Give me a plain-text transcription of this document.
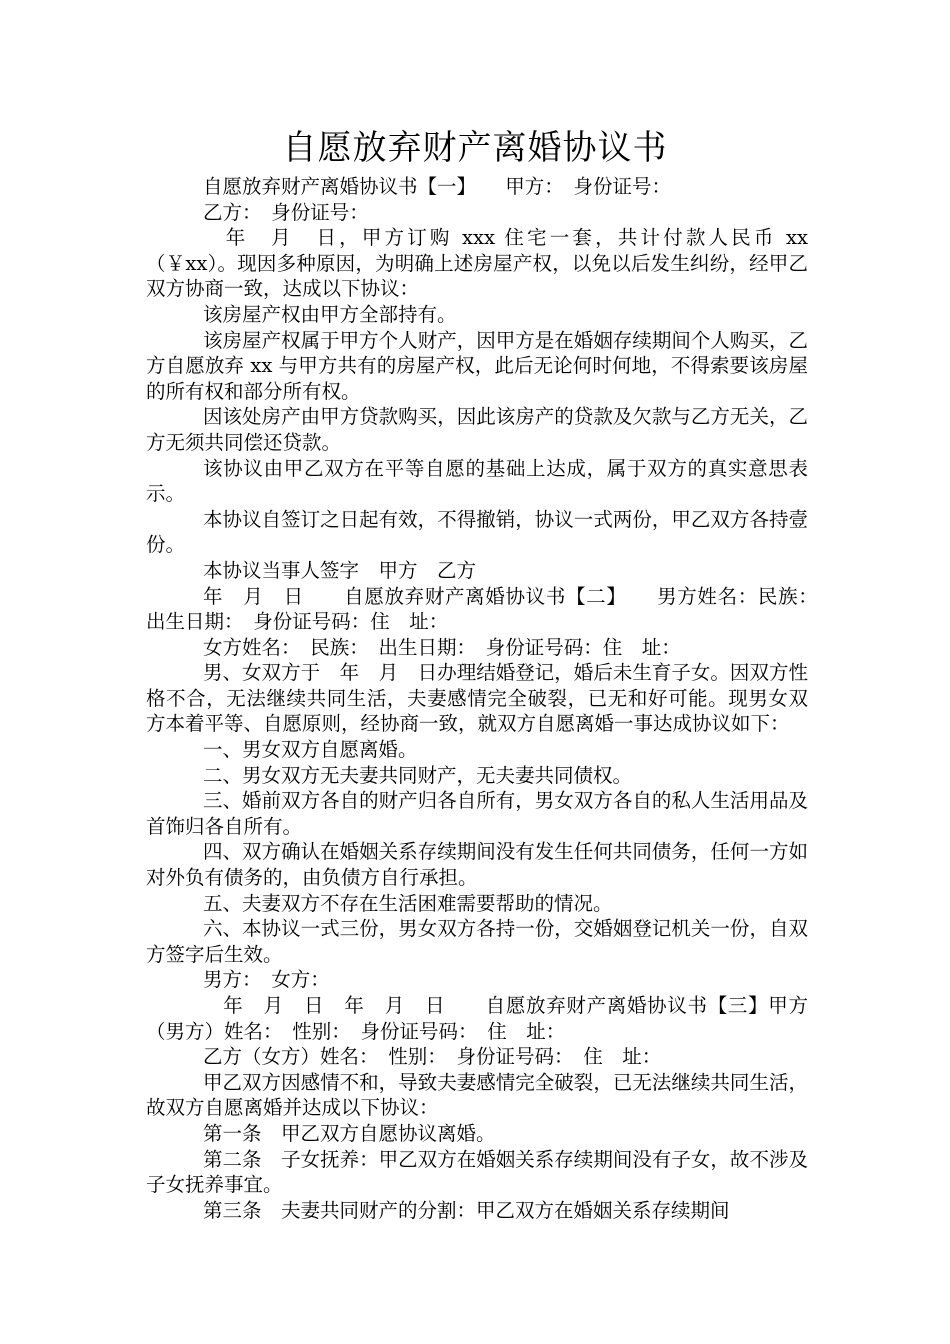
自愿放弃财产离婚协议书

自愿放弃财产离婚协议书【一】　　甲方：　身份证号：

乙方：　身份证号：

　年　月　日，甲方订购 xxx 住宅一套，共计付款人民币 xx（￥xx）。现因多种原因，为明确上述房屋产权，以免以后发生纠纷，经甲乙双方协商一致，达成以下协议：

该房屋产权由甲方全部持有。

该房屋产权属于甲方个人财产，因甲方是在婚姻存续期间个人购买，乙方自愿放弃 xx 与甲方共有的房屋产权，此后无论何时何地，不得索要该房屋的所有权和部分所有权。

因该处房产由甲方贷款购买，因此该房产的贷款及欠款与乙方无关，乙方无须共同偿还贷款。

该协议由甲乙双方在平等自愿的基础上达成，属于双方的真实意思表示。

本协议自签订之日起有效，不得撤销，协议一式两份，甲乙双方各持壹份。

本协议当事人签字　甲方　乙方

年　月　日　　自愿放弃财产离婚协议书【二】　　男方姓名：民族：　出生日期：　身份证号码：住　址：

女方姓名：　民族：　出生日期：　身份证号码：住　址：

男、女双方于　年　月　日办理结婚登记，婚后未生育子女。因双方性格不合，无法继续共同生活，夫妻感情完全破裂，已无和好可能。现男女双方本着平等、自愿原则，经协商一致，就双方自愿离婚一事达成协议如下：

一、男女双方自愿离婚。

二、男女双方无夫妻共同财产，无夫妻共同债权。

三、婚前双方各自的财产归各自所有，男女双方各自的私人生活用品及首饰归各自所有。

四、双方确认在婚姻关系存续期间没有发生任何共同债务，任何一方如对外负有债务的，由负债方自行承担。

五、夫妻双方不存在生活困难需要帮助的情况。

六、本协议一式三份，男女双方各持一份，交婚姻登记机关一份，自双方签字后生效。

男方：　女方：

　年　月　日　年　月　日　　自愿放弃财产离婚协议书【三】甲方（男方）姓名：　性别：　身份证号码：　住　址：

乙方（女方）姓名：　性别：　身份证号码：　住　址：

甲乙双方因感情不和，导致夫妻感情完全破裂，已无法继续共同生活，故双方自愿离婚并达成以下协议：

第一条　甲乙双方自愿协议离婚。

第二条　子女抚养：甲乙双方在婚姻关系存续期间没有子女，故不涉及子女抚养事宜。

第三条　夫妻共同财产的分割：甲乙双方在婚姻关系存续期间
